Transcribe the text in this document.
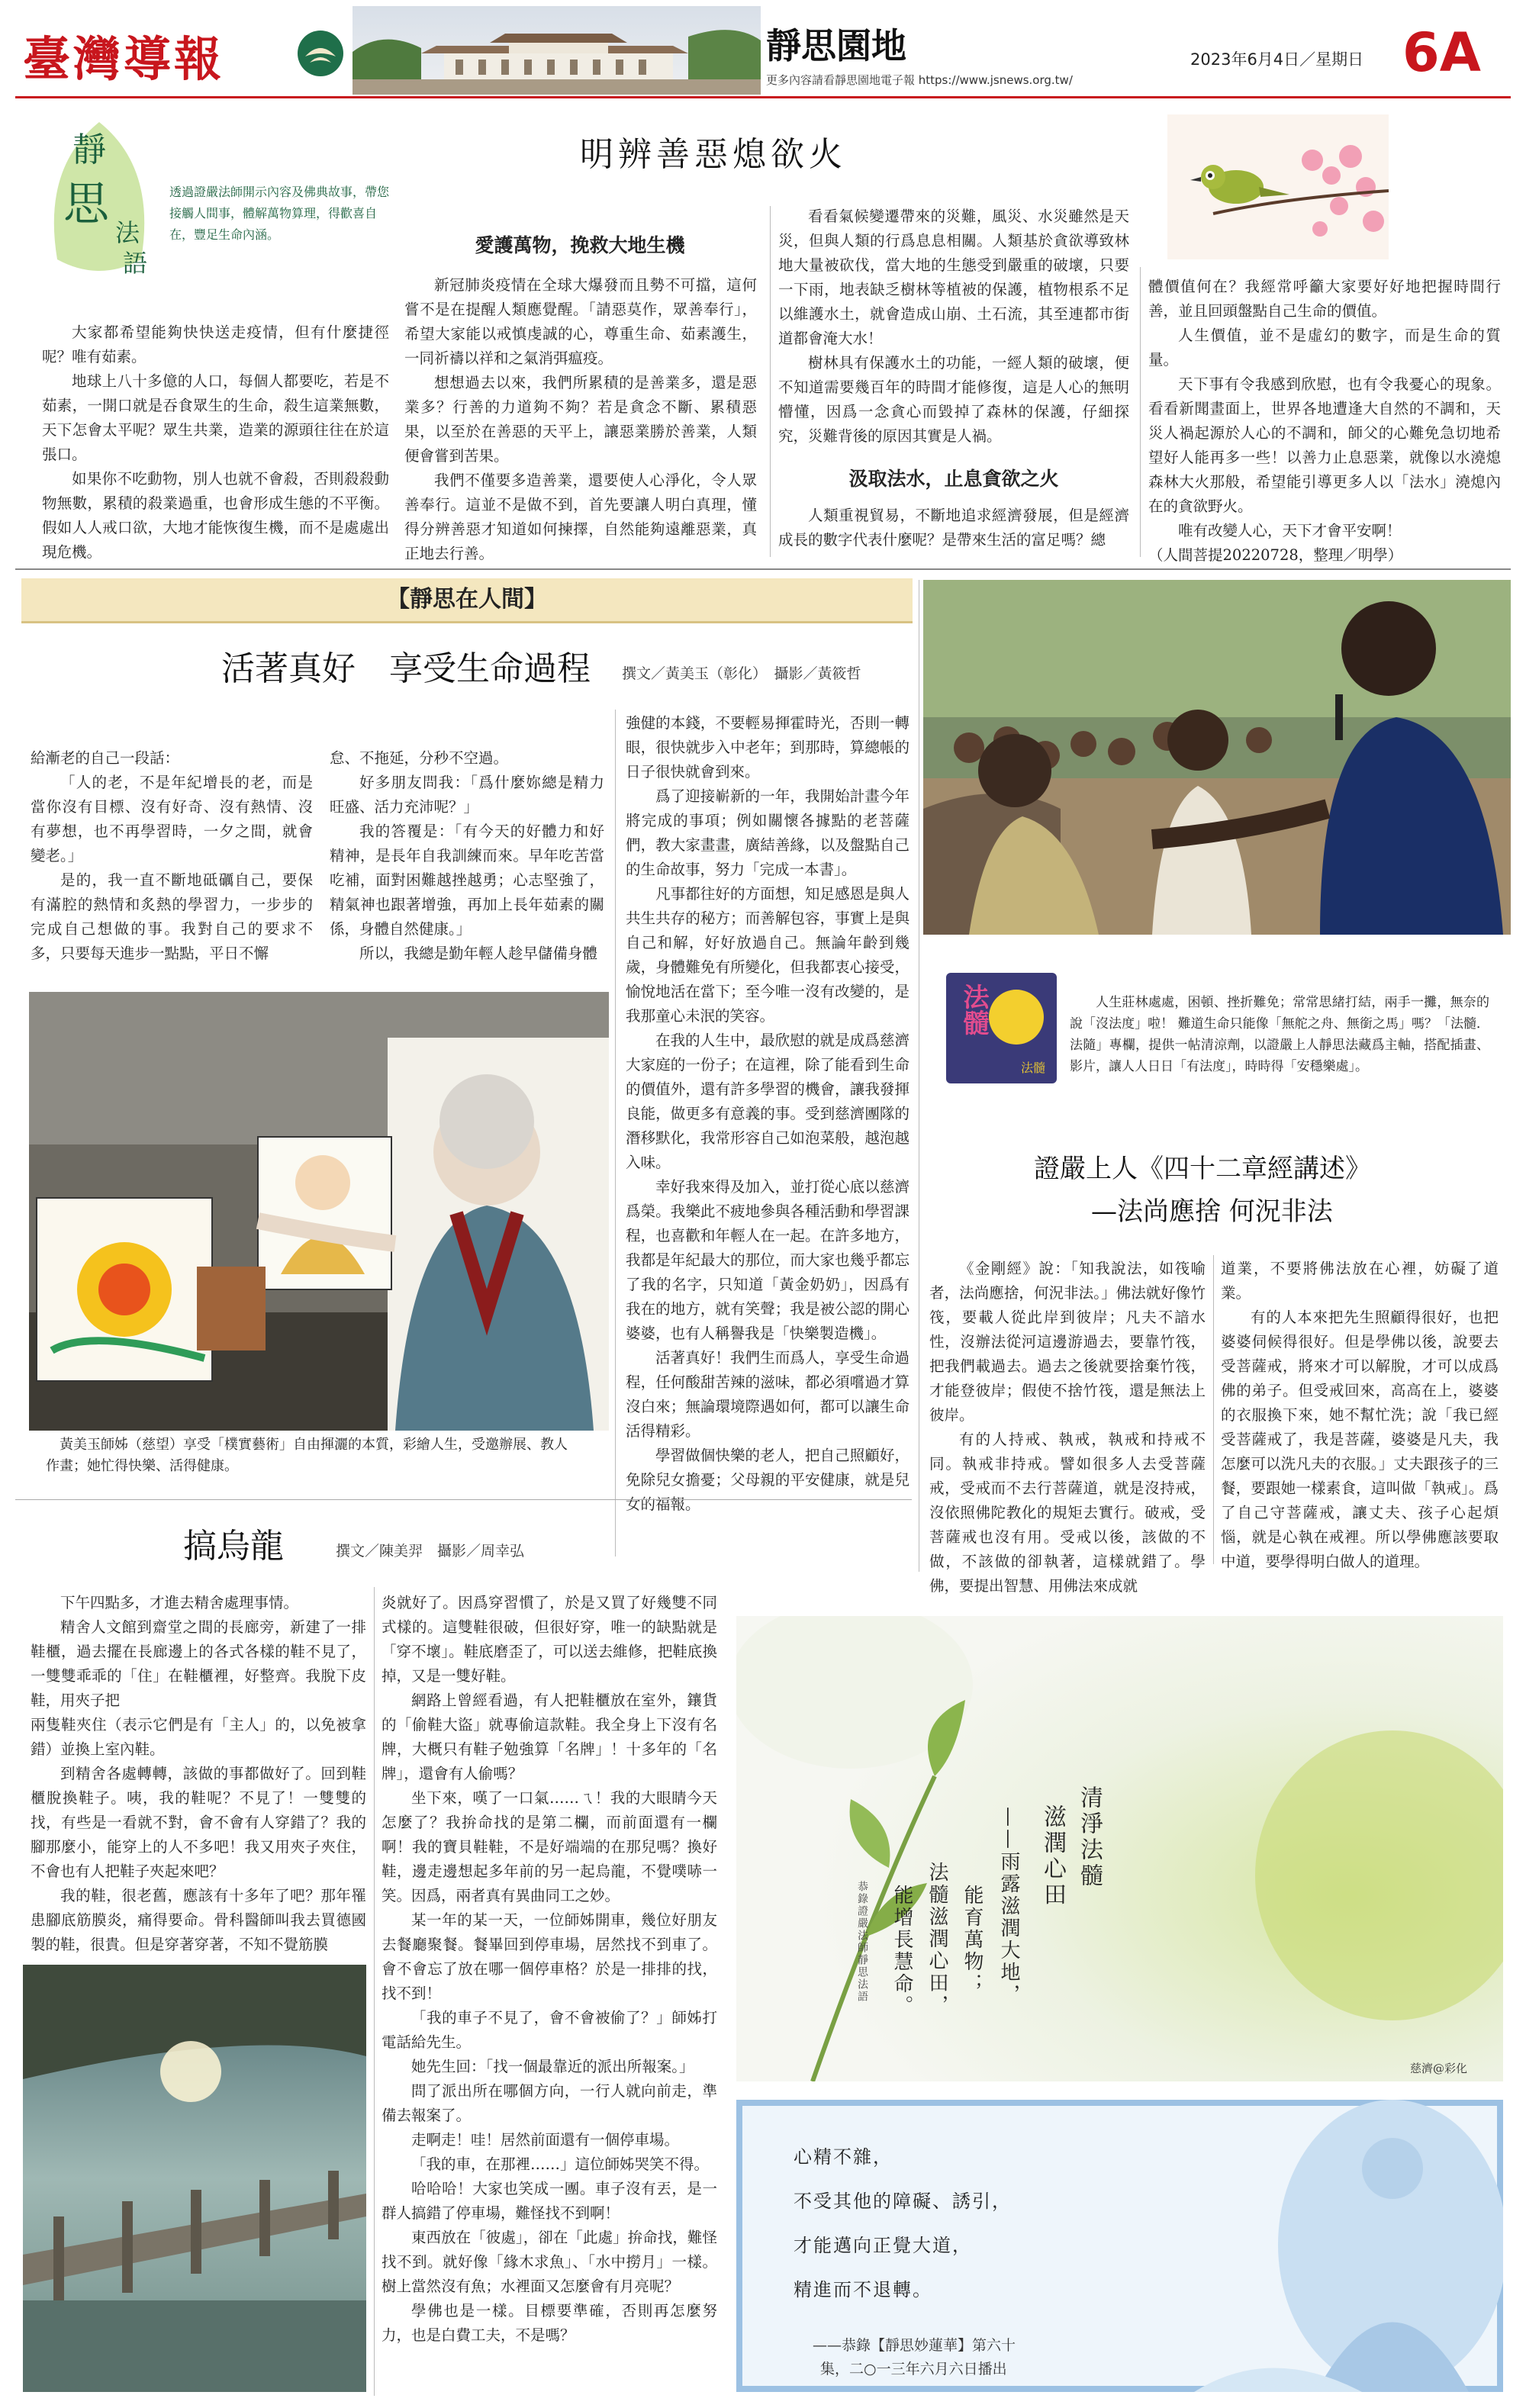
臺灣導報	靜思園地
更多內容請看靜思園地電子報 https://www.jsnews.org.tw/
2023年6月4日／星期日 6A
靜
思
法
語
透過證嚴法師開示內容及佛典故事，帶您接觸人間事，體解萬物算理，得歡喜自在，豐足生命內涵。
明辨善惡熄欲火
愛護萬物，挽救大地生機

大家都希望能夠快快送走疫情，但有什麼捷徑呢？唯有茹素。

地球上八十多億的人口，每個人都要吃，若是不茹素，一開口就是吞食眾生的生命，殺生這業無數，天下怎會太平呢？眾生共業，造業的源頭往往在於這張口。

如果你不吃動物，別人也就不會殺，否則殺殺動物無數，累積的殺業過重，也會形成生態的不平衡。假如人人戒口欲，大地才能恢復生機，而不是處處出現危機。

新冠肺炎疫情在全球大爆發而且勢不可擋，這何嘗不是在提醒人類應覺醒。「請惡莫作，眾善奉行」，希望大家能以戒慎虔誠的心，尊重生命、茹素護生，一同祈禱以祥和之氣消弭瘟疫。

想想過去以來，我們所累積的是善業多，還是惡業多？行善的力道夠不夠？若是貪念不斷、累積惡果，以至於在善惡的天平上，讓惡業勝於善業，人類便會嘗到苦果。

我們不僅要多造善業，還要使人心淨化，令人眾善奉行。這並不是做不到，首先要讓人明白真理，懂得分辨善惡才知道如何揀擇，自然能夠遠離惡業，真正地去行善。

看看氣候變遷帶來的災難，風災、水災雖然是天災，但與人類的行爲息息相關。人類基於貪欲導致林地大量被砍伐，當大地的生態受到嚴重的破壞，只要一下雨，地表缺乏樹林等植被的保護，植物根系不足以維護水土，就會造成山崩、土石流，其至連都市街道都會淹大水！

樹林具有保護水土的功能，一經人類的破壞，便不知道需要幾百年的時間才能修復，這是人心的無明懵懂，因爲一念貪心而毀掉了森林的保護，仔細探究，災難背後的原因其實是人禍。

汲取法水，止息貪欲之火

人類重視貿易，不斷地追求經濟發展，但是經濟成長的數字代表什麼呢？是帶來生活的富足嗎？總

體價值何在？我經常呼籲大家要好好地把握時間行善，並且回頭盤點自己生命的價值。

人生價值，並不是虛幻的數字，而是生命的質量。

天下事有令我感到欣慰，也有令我憂心的現象。看看新聞畫面上，世界各地遭逢大自然的不調和，天災人禍起源於人心的不調和，師父的心難免急切地希望好人能再多一些！以善力止息惡業，就像以水澆熄森林大火那般，希望能引導更多人以「法水」澆熄內在的貪欲野火。

唯有改變人心，天下才會平安啊！

（人間菩提20220728，整理／明學）

【靜思在人間】
活著真好　享受生命過程 撰文／黃美玉（彰化）　攝影／黃筱哲

給漸老的自己一段話：

「人的老，不是年紀增長的老，而是當你沒有目標、沒有好奇、沒有熱情、沒有夢想，也不再學習時，一夕之間，就會變老。」

是的，我一直不斷地砥礪自己，要保有滿腔的熱情和炙熱的學習力，一步步的完成自己想做的事。我對自己的要求不多，只要每天進步一點點，平日不懈

怠、不拖延，分秒不空過。

好多朋友問我：「爲什麼妳總是精力旺盛、活力充沛呢？」

我的答覆是：「有今天的好體力和好精神，是長年自我訓練而來。早年吃苦當吃補，面對困難越挫越勇；心志堅強了，精氣神也跟著增強，再加上長年茹素的關係，身體自然健康。」

所以，我總是勤年輕人趁早儲備身體

強健的本錢，不要輕易揮霍時光，否則一轉眼，很快就步入中老年；到那時，算總帳的日子很快就會到來。

爲了迎接嶄新的一年，我開始計畫今年將完成的事項；例如關懷各據點的老菩薩們，教大家畫畫，廣結善緣，以及盤點自己的生命故事，努力「完成一本書」。

凡事都往好的方面想，知足感恩是與人共生共存的秘方；而善解包容，事實上是與自己和解，好好放過自己。無論年齡到幾歲，身體難免有所變化，但我都衷心接受，愉悅地活在當下；至今唯一沒有改變的，是我那童心未泯的笑容。

在我的人生中，最欣慰的就是成爲慈濟大家庭的一份子；在這裡，除了能看到生命的價值外，還有許多學習的機會，讓我發揮良能，做更多有意義的事。受到慈濟團隊的潛移默化，我常形容自己如泡菜般，越泡越入味。

幸好我來得及加入，並打從心底以慈濟爲榮。我樂此不疲地參與各種活動和學習課程，也喜歡和年輕人在一起。在許多地方，我都是年紀最大的那位，而大家也幾乎都忘了我的名字，只知道「黃金奶奶」，因爲有我在的地方，就有笑聲；我是被公認的開心婆婆，也有人稱譽我是「快樂製造機」。

活著真好！我們生而爲人，享受生命過程，任何酸甜苦辣的滋味，都必須嚐過才算沒白來；無論環境際遇如何，都可以讓生命活得精彩。

學習做個快樂的老人，把自己照顧好，免除兒女擔憂；父母親的平安健康，就是兒女的福報。

黃美玉師姊（慈望）享受「樸實藝術」自由揮灑的本質，彩繪人生，受邀辦展、教人作畫；她忙得快樂、活得健康。
法髓
法髓
人生莊林處處，困頓、挫折難免；常常思緒打結，兩手一攤，無奈的說「沒法度」啦！ 難道生命只能像「無舵之舟、無銜之馬」嗎？「法髓．法隨」專欄，提供一帖清涼劑，以證嚴上人靜思法藏爲主軸，搭配插畫、影片，讓人人日日「有法度」，時時得「安穩樂處」。
證嚴上人《四十二章經講述》
—法尚應捨 何況非法

《金剛經》說：「知我說法，如筏喻者，法尚應捨，何況非法。」佛法就好像竹筏，要載人從此岸到彼岸；凡夫不諳水性，沒辦法從河這邊游過去，要靠竹筏，把我們載過去。過去之後就要捨棄竹筏，才能登彼岸；假使不捨竹筏，還是無法上彼岸。

有的人持戒、執戒，執戒和持戒不同。執戒非持戒。譬如很多人去受菩薩戒，受戒而不去行菩薩道，就是沒持戒，沒依照佛陀教化的規矩去實行。破戒，受菩薩戒也沒有用。受戒以後，該做的不做，不該做的卻執著，這樣就錯了。學佛，要提出智慧、用佛法來成就

道業，不要將佛法放在心裡，妨礙了道業。

有的人本來把先生照顧得很好，也把婆婆伺候得很好。但是學佛以後，說要去受菩薩戒，將來才可以解脫，才可以成爲佛的弟子。但受戒回來，高高在上，婆婆的衣服換下來，她不幫忙洗；說「我已經受菩薩戒了，我是菩薩，婆婆是凡夫，我怎麼可以洗凡夫的衣服。」丈夫跟孩子的三餐，要跟她一樣素食，這叫做「執戒」。爲了自己守菩薩戒，讓丈夫、孩子心起煩惱，就是心執在戒裡。所以學佛應該要取中道，要學得明白做人的道理。

搞烏龍	撰文／陳美羿　攝影／周幸弘

下午四點多，才進去精舍處理事情。

精舍人文館到齋堂之間的長廊旁，新建了一排鞋櫃，過去擺在長廊邊上的各式各樣的鞋不見了，一雙雙乖乖的「住」在鞋櫃裡，好整齊。我脫下皮鞋，用夾子把

兩隻鞋夾住（表示它們是有「主人」的，以免被拿錯）並換上室內鞋。

到精舍各處轉轉，該做的事都做好了。回到鞋櫃脫換鞋子。咦，我的鞋呢？不見了！一雙雙的找，有些是一看就不對，會不會有人穿錯了？我的腳那麼小，能穿上的人不多吧！我又用夾子夾住，不會也有人把鞋子夾起來吧？

我的鞋，很老舊，應該有十多年了吧？那年罹患腳底筋膜炎，痛得要命。骨科醫師叫我去買德國製的鞋，很貴。但是穿著穿著，不知不覺筋膜

炎就好了。因爲穿習慣了，於是又買了好幾雙不同式樣的。這雙鞋很破，但很好穿，唯一的缺點就是「穿不壞」。鞋底磨歪了，可以送去維修，把鞋底換掉，又是一雙好鞋。

網路上曾經看過，有人把鞋櫃放在室外，鑲貨的「偷鞋大盜」就專偷這款鞋。我全身上下沒有名牌，大概只有鞋子勉強算「名牌」！十多年的「名牌」，還會有人偷嗎？

坐下來，嘆了一口氣……ㄟ！我的大眼睛今天怎麼了？我拚命找的是第二欄，而前面還有一欄啊！我的寶貝鞋鞋，不是好端端的在那兒嗎？換好鞋，邊走邊想起多年前的另一起烏龍，不覺噗哧一笑。因爲，兩者真有異曲同工之妙。

某一年的某一天，一位師姊開車，幾位好朋友去餐廳聚餐。餐畢回到停車場，居然找不到車了。會不會忘了放在哪一個停車格？於是一排排的找，找不到！

「我的車子不見了，會不會被偷了？」師姊打電話給先生。

她先生回：「找一個最靠近的派出所報案。」

問了派出所在哪個方向，一行人就向前走，準備去報案了。

走啊走！哇！居然前面還有一個停車場。

「我的車，在那裡……」這位師姊哭笑不得。

哈哈哈！大家也笑成一團。車子沒有丟，是一群人搞錯了停車場，難怪找不到啊！

東西放在「彼處」，卻在「此處」拚命找，難怪找不到。就好像「緣木求魚」、「水中撈月」一樣。樹上當然沒有魚；水裡面又怎麼會有月亮呢？

學佛也是一樣。目標要準確，否則再怎麼努力，也是白費工夫，不是嗎？

清淨法髓
滋潤心田
——雨露滋潤大地，
能育萬物；
法髓滋潤心田，
能增長慧命。
恭錄證嚴法師靜思法語
慈濟@彩化
心精不雜，
不受其他的障礙、誘引，
才能邁向正覺大道，
精進而不退轉。
——恭錄【靜思妙蓮華】第六十
集，二○一三年六月六日播出
